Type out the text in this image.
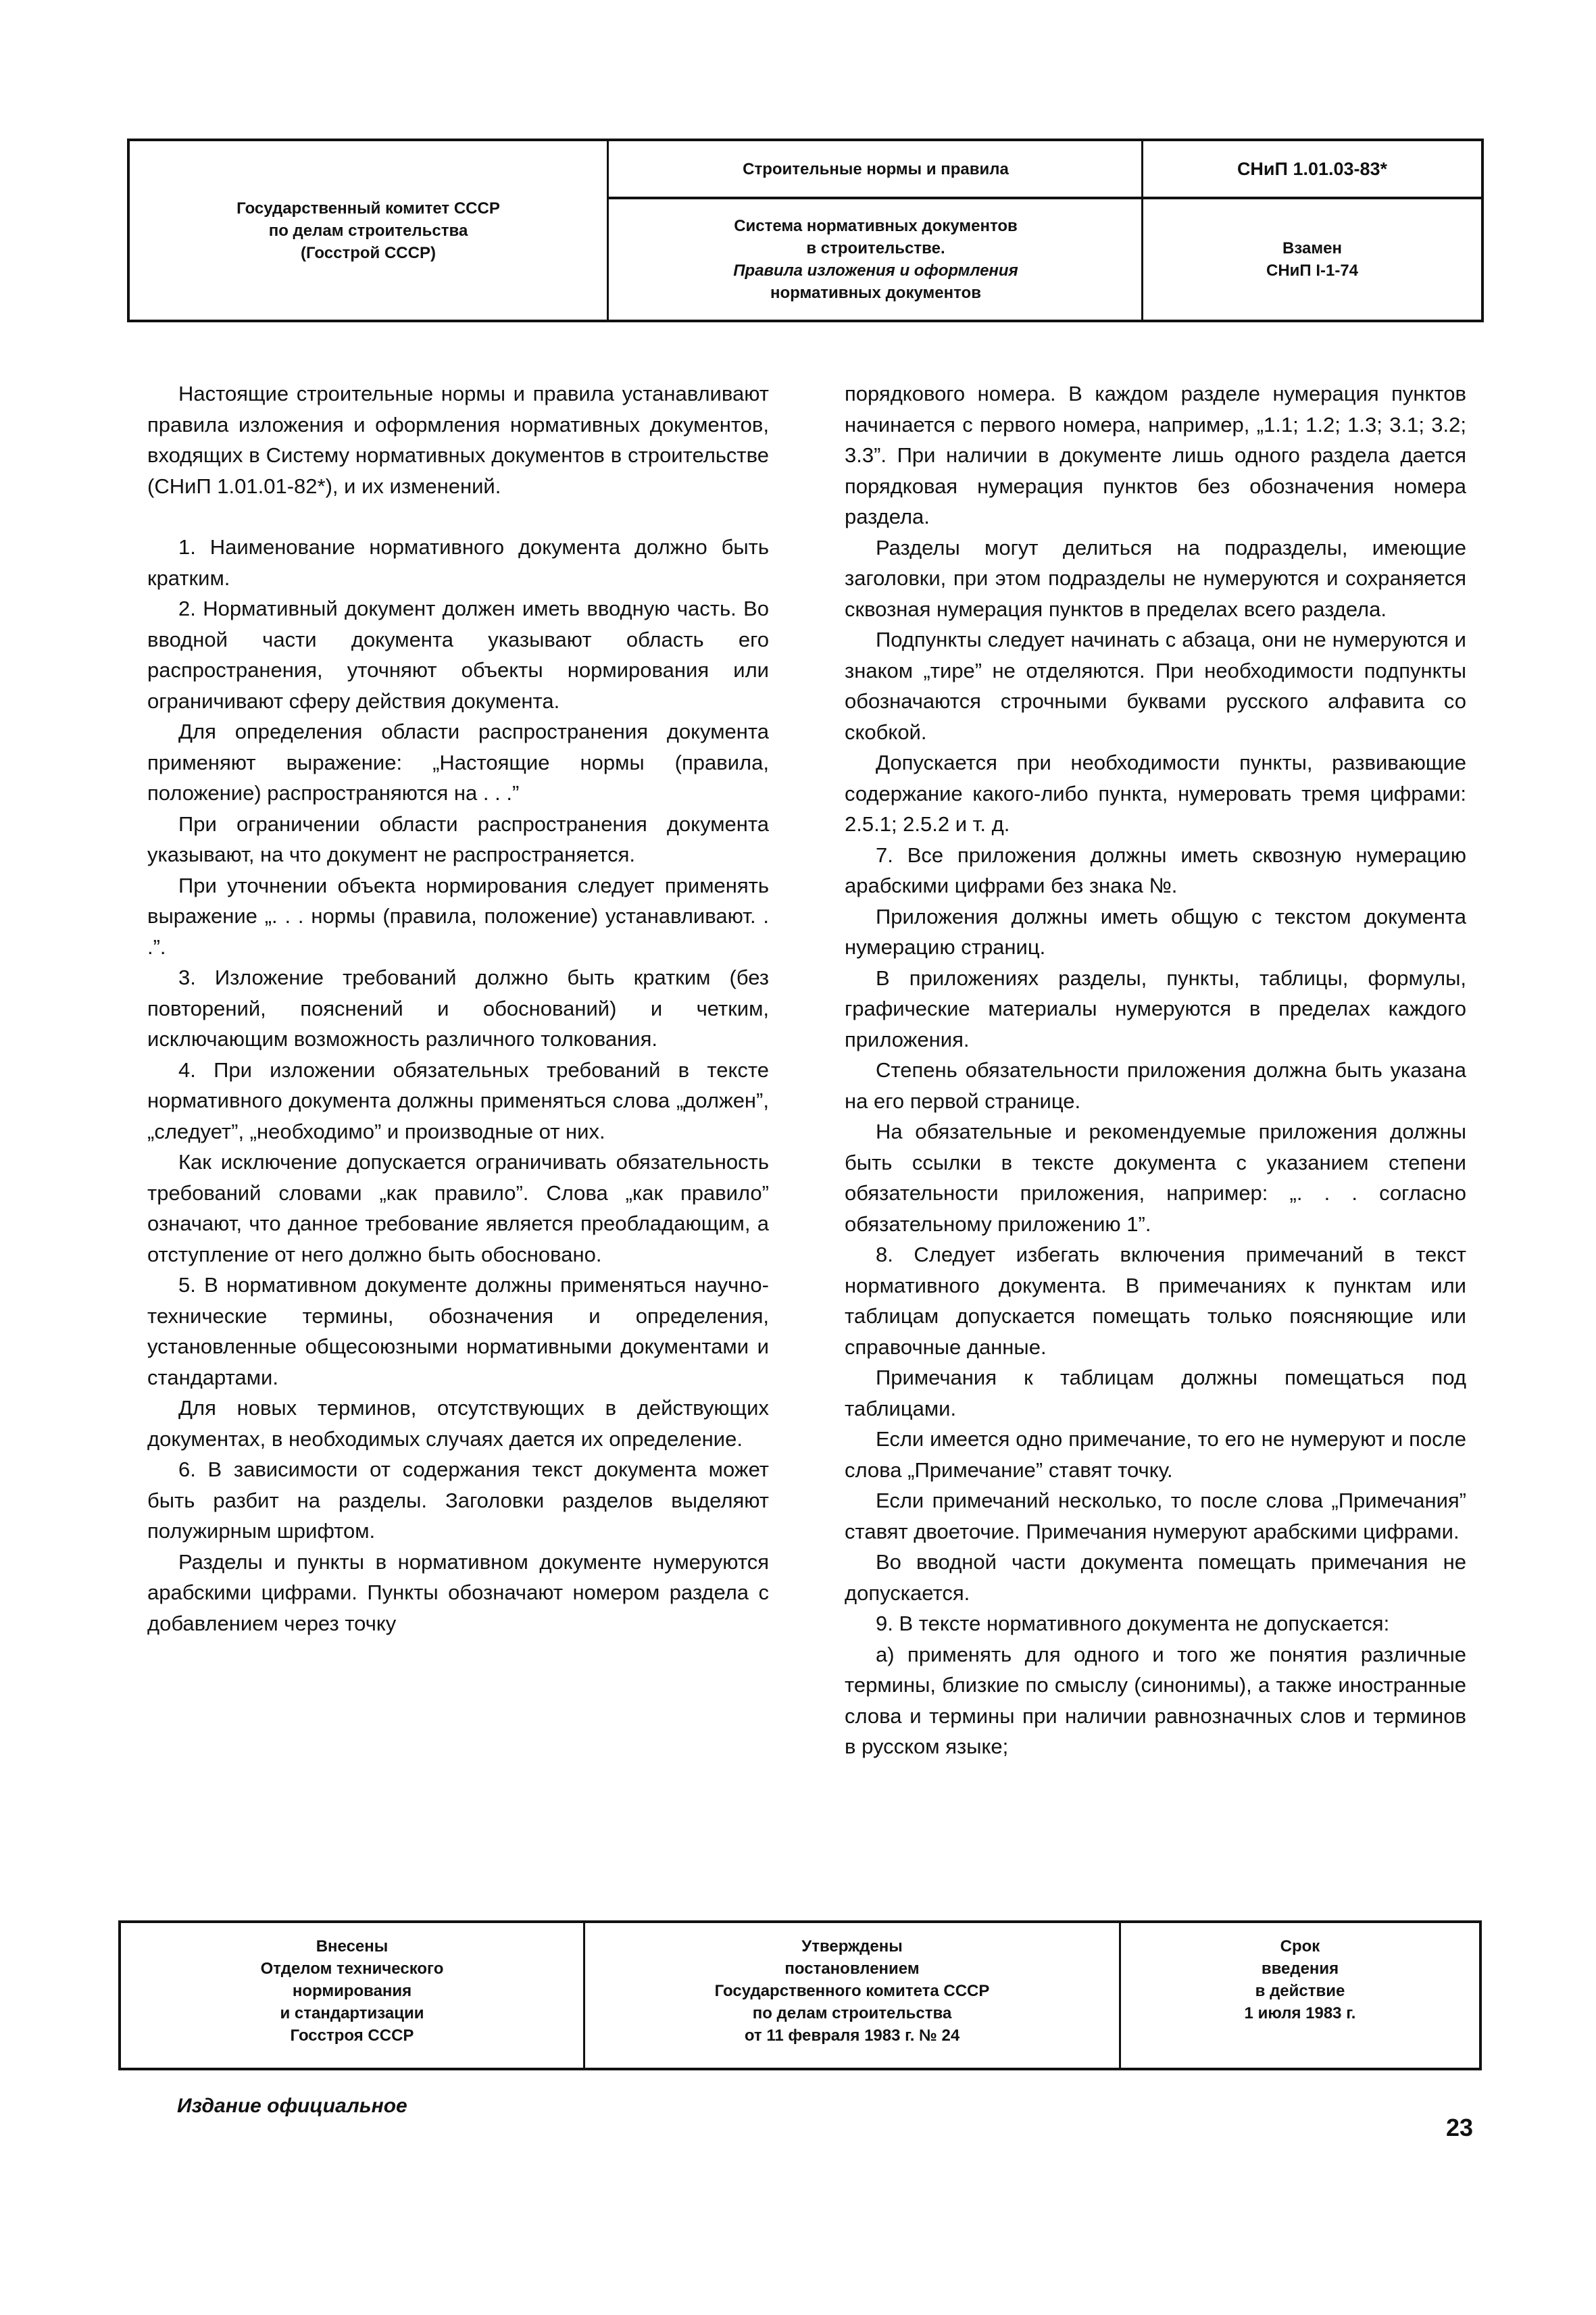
Государственный комитет СССР
по делам строительства
(Госстрой СССР)
Строительные нормы и правила	СНиП 1.01.03-83*
Система нормативных документов
в строительстве.
Правила изложения и оформления
нормативных документов
Взамен
СНиП I-1-74

Настоящие строительные нормы и правила устанавливают правила изложения и оформления нормативных документов, входящих в Систему нормативных документов в строительстве (СНиП 1.01.01-82*), и их изменений.

1. Наименование нормативного документа должно быть кратким.

2. Нормативный документ должен иметь вводную часть. Во вводной части документа указывают область его распространения, уточняют объекты нормирования или ограничивают сферу действия документа.

Для определения области распространения документа применяют выражение: „Настоящие нормы (правила, положение) распространяются на . . .”

При ограничении области распространения документа указывают, на что документ не распространяется.

При уточнении объекта нормирования следует применять выражение „. . . нормы (правила, положение) устанавливают. . .”.

3. Изложение требований должно быть кратким (без повторений, пояснений и обоснований) и четким, исключающим возможность различного толкования.

4. При изложении обязательных требований в тексте нормативного документа должны применяться слова „должен”, „следует”, „необходимо” и производные от них.

Как исключение допускается ограничивать обязательность требований словами „как правило”. Слова „как правило” означают, что данное требование является преобладающим, а отступление от него должно быть обосновано.

5. В нормативном документе должны применяться научно-технические термины, обозначения и определения, установленные общесоюзными нормативными документами и стандартами.

Для новых терминов, отсутствующих в действующих документах, в необходимых случаях дается их определение.

6. В зависимости от содержания текст документа может быть разбит на разделы. Заголовки разделов выделяют полужирным шрифтом.

Разделы и пункты в нормативном документе нумеруются арабскими цифрами. Пункты обозначают номером раздела с добавлением через точку

порядкового номера. В каждом разделе нумерация пунктов начинается с первого номера, например, „1.1; 1.2; 1.3; 3.1; 3.2; 3.3”. При наличии в документе лишь одного раздела дается порядковая нумерация пунктов без обозначения номера раздела.

Разделы могут делиться на подразделы, имеющие заголовки, при этом подразделы не нумеруются и сохраняется сквозная нумерация пунктов в пределах всего раздела.

Подпункты следует начинать с абзаца, они не нумеруются и знаком „тире” не отделяются. При необходимости подпункты обозначаются строчными буквами русского алфавита со скобкой.

Допускается при необходимости пункты, развивающие содержание какого-либо пункта, нумеровать тремя цифрами: 2.5.1; 2.5.2 и т. д.

7. Все приложения должны иметь сквозную нумерацию арабскими цифрами без знака №.

Приложения должны иметь общую с текстом документа нумерацию страниц.

В приложениях разделы, пункты, таблицы, формулы, графические материалы нумеруются в пределах каждого приложения.

Степень обязательности приложения должна быть указана на его первой странице.

На обязательные и рекомендуемые приложения должны быть ссылки в тексте документа с указанием степени обязательности приложения, например: „. . . согласно обязательному приложению 1”.

8. Следует избегать включения примечаний в текст нормативного документа. В примечаниях к пунктам или таблицам допускается помещать только поясняющие или справочные данные.

Примечания к таблицам должны помещаться под таблицами.

Если имеется одно примечание, то его не нумеруют и после слова „Примечание” ставят точку.

Если примечаний несколько, то после слова „Примечания” ставят двоеточие. Примечания нумеруют арабскими цифрами.

Во вводной части документа помещать примечания не допускается.

9. В тексте нормативного документа не допускается:

а) применять для одного и того же понятия различные термины, близкие по смыслу (синонимы), а также иностранные слова и термины при наличии равнозначных слов и терминов в русском языке;

Внесены
Отделом технического
нормирования
и стандартизации
Госстроя СССР
Утверждены
постановлением
Государственного комитета СССР
по делам строительства
от 11 февраля 1983 г. № 24
Срок
введения
в действие
1 июля 1983 г.
Издание официальное
23
